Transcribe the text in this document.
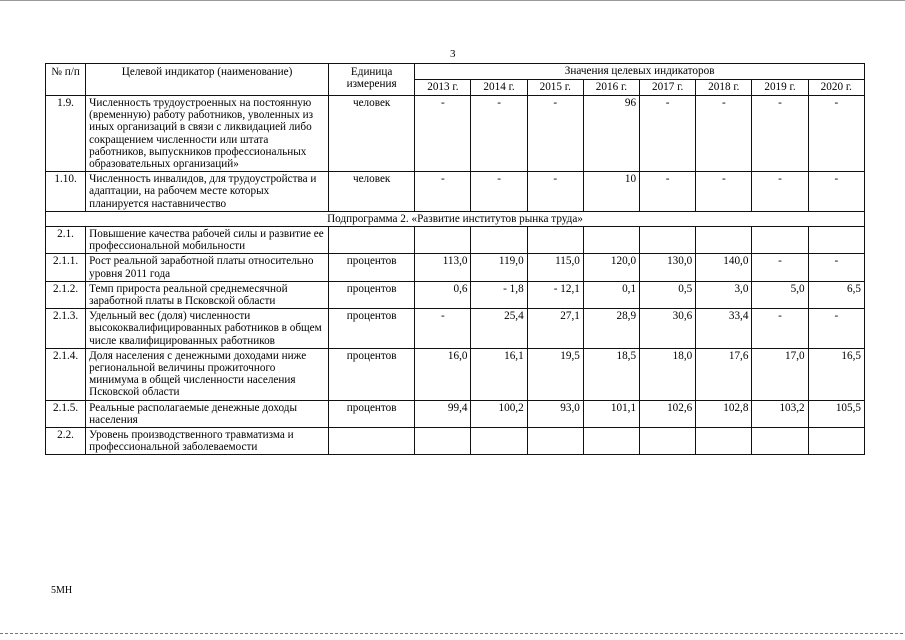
3
№ п/п	Целевой индикатор (наименование)	Единица измерения	Значения целевых индикаторов							
			2013 г.	2014 г.	2015 г.	2016 г.	2017 г.	2018 г.	2019 г.	2020 г.
1.9.	Численность трудоустроенных на постоянную (временную) работу работников, уволенных из иных организаций в связи с ликвидацией либо сокращением численности или штата работников, выпускников профессиональных образовательных организаций»	человек	-	-	-	96	-	-	-	-
1.10.	Численность инвалидов, для трудоустройства и адаптации, на рабочем месте которых планируется наставничество	человек	-	-	-	10	-	-	-	-
Подпрограмма 2. «Развитие институтов рынка труда»										
2.1.	Повышение качества рабочей силы и развитие ее профессиональной мобильности									
2.1.1.	Рост реальной заработной платы относительно уровня 2011 года	процентов	113,0	119,0	115,0	120,0	130,0	140,0	-	-
2.1.2.	Темп прироста реальной среднемесячной заработной платы в Псковской области	процентов	0,6	- 1,8	- 12,1	0,1	0,5	3,0	5,0	6,5
2.1.3.	Удельный вес (доля) численности высококвалифицированных работников в общем числе квалифицированных работников	процентов	-	25,4	27,1	28,9	30,6	33,4	-	-
2.1.4.	Доля населения с денежными доходами ниже региональной величины прожиточного минимума в общей численности населения Псковской области	процентов	16,0	16,1	19,5	18,5	18,0	17,6	17,0	16,5
2.1.5.	Реальные располагаемые денежные доходы населения	процентов	99,4	100,2	93,0	101,1	102,6	102,8	103,2	105,5
2.2.	Уровень производственного травматизма и профессиональной заболеваемости									
5МН
